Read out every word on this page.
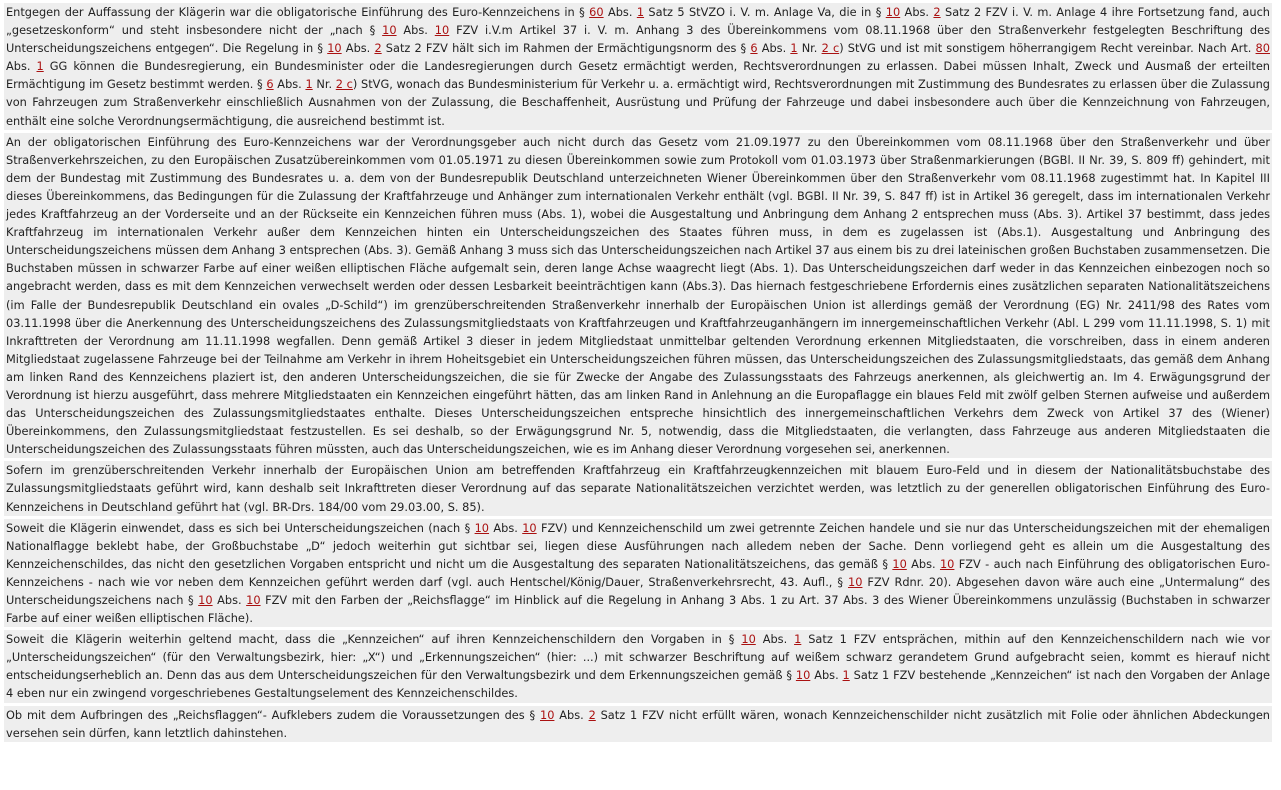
Entgegen der Auffassung der Klägerin war die obligatorische Einführung des Euro-Kennzeichens in § 60 Abs. 1 Satz 5 StVZO i. V. m. Anlage Va, die in § 10 Abs. 2 Satz 2 FZV i. V. m. Anlage 4 ihre Fortsetzung fand, auch „gesetzeskonform“ und steht insbesondere nicht der „nach § 10 Abs. 10 FZV i.V.m Artikel 37 i. V. m. Anhang 3 des Übereinkommens vom 08.11.1968 über den Straßenverkehr festgelegten Beschriftung des Unterscheidungszeichens entgegen“. Die Regelung in § 10 Abs. 2 Satz 2 FZV hält sich im Rahmen der Ermächtigungsnorm des § 6 Abs. 1 Nr. 2 c) StVG und ist mit sonstigem höherrangigem Recht vereinbar. Nach Art. 80 Abs. 1 GG können die Bundesregierung, ein Bundesminister oder die Landesregierungen durch Gesetz ermächtigt werden, Rechtsverordnungen zu erlassen. Dabei müssen Inhalt, Zweck und Ausmaß der erteilten Ermächtigung im Gesetz bestimmt werden. § 6 Abs. 1 Nr. 2 c) StVG, wonach das Bundesministerium für Verkehr u. a. ermächtigt wird, Rechtsverordnungen mit Zustimmung des Bundesrates zu erlassen über die Zulassung von Fahrzeugen zum Straßenverkehr einschließlich Ausnahmen von der Zulassung, die Beschaffenheit, Ausrüstung und Prüfung der Fahrzeuge und dabei insbesondere auch über die Kennzeichnung von Fahrzeugen, enthält eine solche Verordnungsermächtigung, die ausreichend bestimmt ist.

An der obligatorischen Einführung des Euro-Kennzeichens war der Verordnungsgeber auch nicht durch das Gesetz vom 21.09.1977 zu den Übereinkommen vom 08.11.1968 über den Straßenverkehr und über Straßenverkehrszeichen, zu den Europäischen Zusatzübereinkommen vom 01.05.1971 zu diesen Übereinkommen sowie zum Protokoll vom 01.03.1973 über Straßenmarkierungen (BGBl. II Nr. 39, S. 809 ff) gehindert, mit dem der Bundestag mit Zustimmung des Bundesrates u. a. dem von der Bundesrepublik Deutschland unterzeichneten Wiener Übereinkommen über den Straßenverkehr vom 08.11.1968 zugestimmt hat. In Kapitel III dieses Übereinkommens, das Bedingungen für die Zulassung der Kraftfahrzeuge und Anhänger zum internationalen Verkehr enthält (vgl. BGBl. II Nr. 39, S. 847 ff) ist in Artikel 36 geregelt, dass im internationalen Verkehr jedes Kraftfahrzeug an der Vorderseite und an der Rückseite ein Kennzeichen führen muss (Abs. 1), wobei die Ausgestaltung und Anbringung dem Anhang 2 entsprechen muss (Abs. 3). Artikel 37 bestimmt, dass jedes Kraftfahrzeug im internationalen Verkehr außer dem Kennzeichen hinten ein Unterscheidungszeichen des Staates führen muss, in dem es zugelassen ist (Abs.1). Ausgestaltung und Anbringung des Unterscheidungszeichens müssen dem Anhang 3 entsprechen (Abs. 3). Gemäß Anhang 3 muss sich das Unterscheidungszeichen nach Artikel 37 aus einem bis zu drei lateinischen großen Buchstaben zusammensetzen. Die Buchstaben müssen in schwarzer Farbe auf einer weißen elliptischen Fläche aufgemalt sein, deren lange Achse waagrecht liegt (Abs. 1). Das Unterscheidungszeichen darf weder in das Kennzeichen einbezogen noch so angebracht werden, dass es mit dem Kennzeichen verwechselt werden oder dessen Lesbarkeit beeinträchtigen kann (Abs.3). Das hiernach festgeschriebene Erfordernis eines zusätzlichen separaten Nationalitätszeichens (im Falle der Bundesrepublik Deutschland ein ovales „D-Schild“) im grenzüberschreitenden Straßenverkehr innerhalb der Europäischen Union ist allerdings gemäß der Verordnung (EG) Nr. 2411/98 des Rates vom 03.11.1998 über die Anerkennung des Unterscheidungszeichens des Zulassungsmitgliedstaats von Kraftfahrzeugen und Kraftfahrzeuganhängern im innergemeinschaftlichen Verkehr (Abl. L 299 vom 11.11.1998, S. 1) mit Inkrafttreten der Verordnung am 11.11.1998 wegfallen. Denn gemäß Artikel 3 dieser in jedem Mitgliedstaat unmittelbar geltenden Verordnung erkennen Mitgliedstaaten, die vorschreiben, dass in einem anderen Mitgliedstaat zugelassene Fahrzeuge bei der Teilnahme am Verkehr in ihrem Hoheitsgebiet ein Unterscheidungszeichen führen müssen, das Unterscheidungszeichen des Zulassungsmitgliedstaats, das gemäß dem Anhang am linken Rand des Kennzeichens plaziert ist, den anderen Unterscheidungszeichen, die sie für Zwecke der Angabe des Zulassungsstaats des Fahrzeugs anerkennen, als gleichwertig an. Im 4. Erwägungsgrund der Verordnung ist hierzu ausgeführt, dass mehrere Mitgliedstaaten ein Kennzeichen eingeführt hätten, das am linken Rand in Anlehnung an die Europaflagge ein blaues Feld mit zwölf gelben Sternen aufweise und außerdem das Unterscheidungszeichen des Zulassungsmitgliedstaates enthalte. Dieses Unterscheidungszeichen entspreche hinsichtlich des innergemeinschaftlichen Verkehrs dem Zweck von Artikel 37 des (Wiener) Übereinkommens, den Zulassungsmitgliedstaat festzustellen. Es sei deshalb, so der Erwägungsgrund Nr. 5, notwendig, dass die Mitgliedstaaten, die verlangten, dass Fahrzeuge aus anderen Mitgliedstaaten die Unterscheidungszeichen des Zulassungsstaats führen müssten, auch das Unterscheidungszeichen, wie es im Anhang dieser Verordnung vorgesehen sei, anerkennen.

Sofern im grenzüberschreitenden Verkehr innerhalb der Europäischen Union am betreffenden Kraftfahrzeug ein Kraftfahrzeugkennzeichen mit blauem Euro-Feld und in diesem der Nationalitätsbuchstabe des Zulassungsmitgliedstaats geführt wird, kann deshalb seit Inkrafttreten dieser Verordnung auf das separate Nationalitätszeichen verzichtet werden, was letztlich zu der generellen obligatorischen Einführung des Euro-Kennzeichens in Deutschland geführt hat (vgl. BR-Drs. 184/00 vom 29.03.00, S. 85).

Soweit die Klägerin einwendet, dass es sich bei Unterscheidungszeichen (nach § 10 Abs. 10 FZV) und Kennzeichenschild um zwei getrennte Zeichen handele und sie nur das Unterscheidungszeichen mit der ehemaligen Nationalflagge beklebt habe, der Großbuchstabe „D“ jedoch weiterhin gut sichtbar sei, liegen diese Ausführungen nach alledem neben der Sache. Denn vorliegend geht es allein um die Ausgestaltung des Kennzeichenschildes, das nicht den gesetzlichen Vorgaben entspricht und nicht um die Ausgestaltung des separaten Nationalitätszeichens, das gemäß § 10 Abs. 10 FZV - auch nach Einführung des obligatorischen Euro-Kennzeichens - nach wie vor neben dem Kennzeichen geführt werden darf (vgl. auch Hentschel/König/Dauer, Straßenverkehrsrecht, 43. Aufl., § 10 FZV Rdnr. 20). Abgesehen davon wäre auch eine „Untermalung“ des Unterscheidungszeichens nach § 10 Abs. 10 FZV mit den Farben der „Reichsflagge“ im Hinblick auf die Regelung in Anhang 3 Abs. 1 zu Art. 37 Abs. 3 des Wiener Übereinkommens unzulässig (Buchstaben in schwarzer Farbe auf einer weißen elliptischen Fläche).

Soweit die Klägerin weiterhin geltend macht, dass die „Kennzeichen“ auf ihren Kennzeichenschildern den Vorgaben in § 10 Abs. 1 Satz 1 FZV entsprächen, mithin auf den Kennzeichenschildern nach wie vor „Unterscheidungszeichen“ (für den Verwaltungsbezirk, hier: „X“) und „Erkennungszeichen“ (hier: ...) mit schwarzer Beschriftung auf weißem schwarz gerandetem Grund aufgebracht seien, kommt es hierauf nicht entscheidungserheblich an. Denn das aus dem Unterscheidungszeichen für den Verwaltungsbezirk und dem Erkennungszeichen gemäß § 10 Abs. 1 Satz 1 FZV bestehende „Kennzeichen“ ist nach den Vorgaben der Anlage 4 eben nur ein zwingend vorgeschriebenes Gestaltungselement des Kennzeichenschildes.

Ob mit dem Aufbringen des „Reichsflaggen“- Aufklebers zudem die Voraussetzungen des § 10 Abs. 2 Satz 1 FZV nicht erfüllt wären, wonach Kennzeichenschilder nicht zusätzlich mit Folie oder ähnlichen Abdeckungen versehen sein dürfen, kann letztlich dahinstehen.
